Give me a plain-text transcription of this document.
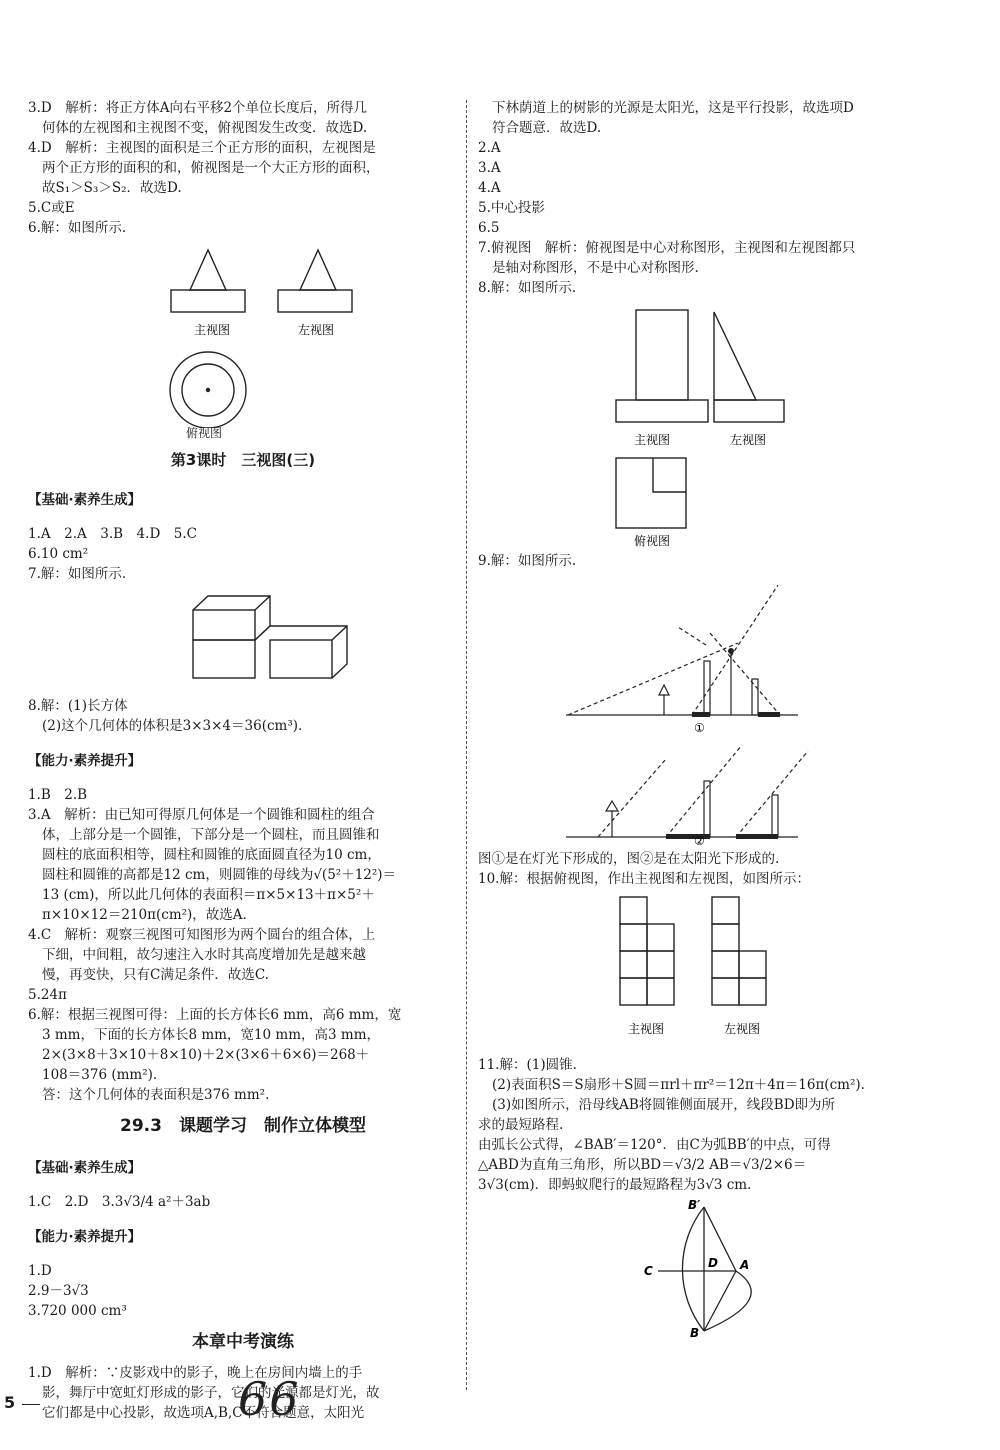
3.D　解析：将正方体A向右平移2个单位长度后，所得几

何体的左视图和主视图不变，俯视图发生改变．故选D.

4.D　解析：主视图的面积是三个正方形的面积，左视图是

两个正方形的面积的和，俯视图是一个大正方形的面积，

故S₁＞S₃＞S₂．故选D.

5.C或E

6.解：如图所示.

主视图	左视图
俯视图
第3课时　三视图(三)

【基础·素养生成】

1.A　2.A　3.B　4.D　5.C

6.10 cm²

7.解：如图所示.

8.解：(1)长方体

(2)这个几何体的体积是3×3×4＝36(cm³).

【能力·素养提升】

1.B　2.B

3.A　解析：由已知可得原几何体是一个圆锥和圆柱的组合

体，上部分是一个圆锥，下部分是一个圆柱，而且圆锥和

圆柱的底面积相等，圆柱和圆锥的底面圆直径为10 cm，

圆柱和圆锥的高都是12 cm，则圆锥的母线为√(5²＋12²)＝

13 (cm)，所以此几何体的表面积＝π×5×13＋π×5²＋

π×10×12＝210π(cm²)，故选A.

4.C　解析：观察三视图可知图形为两个圆台的组合体，上

下细，中间粗，故匀速注入水时其高度增加先是越来越

慢，再变快，只有C满足条件．故选C.

5.24π

6.解：根据三视图可得：上面的长方体长6 mm，高6 mm，宽

3 mm，下面的长方体长8 mm，宽10 mm，高3 mm，

2×(3×8＋3×10＋8×10)＋2×(3×6＋6×6)＝268＋

108＝376 (mm²).

答：这个几何体的表面积是376 mm².

29.3　课题学习　制作立体模型

【基础·素养生成】

1.C　2.D　3.3√3/4 a²＋3ab

【能力·素养提升】

1.D

2.9－3√3

3.720 000 cm³

本章中考演练

1.D　解析：∵皮影戏中的影子，晚上在房间内墙上的手

影，舞厅中宽虹灯形成的影子，它们的光源都是灯光，故

它们都是中心投影，故选项A,B,C不符合题意，太阳光

下林荫道上的树影的光源是太阳光，这是平行投影，故选项D

符合题意．故选D.

2.A

3.A

4.A

5.中心投影

6.5

7.俯视图　解析：俯视图是中心对称图形，主视图和左视图都只

是轴对称图形，不是中心对称图形.

8.解：如图所示.

主视图	左视图
俯视图

9.解：如图所示.

①
②

图①是在灯光下形成的，图②是在太阳光下形成的.

10.解：根据俯视图，作出主视图和左视图，如图所示：

主视图	左视图

11.解：(1)圆锥.

(2)表面积S＝S扇形＋S圆＝πrl＋πr²＝12π＋4π＝16π(cm²).

(3)如图所示，沿母线AB将圆锥侧面展开，线段BD即为所

求的最短路程.

由弧长公式得，∠BAB′＝120°．由C为弧BB′的中点，可得

△ABD为直角三角形，所以BD＝√3/2 AB＝√3/2×6＝

3√3(cm)．即蚂蚁爬行的最短路程为3√3 cm.

B′
C
D A
B
5	66
